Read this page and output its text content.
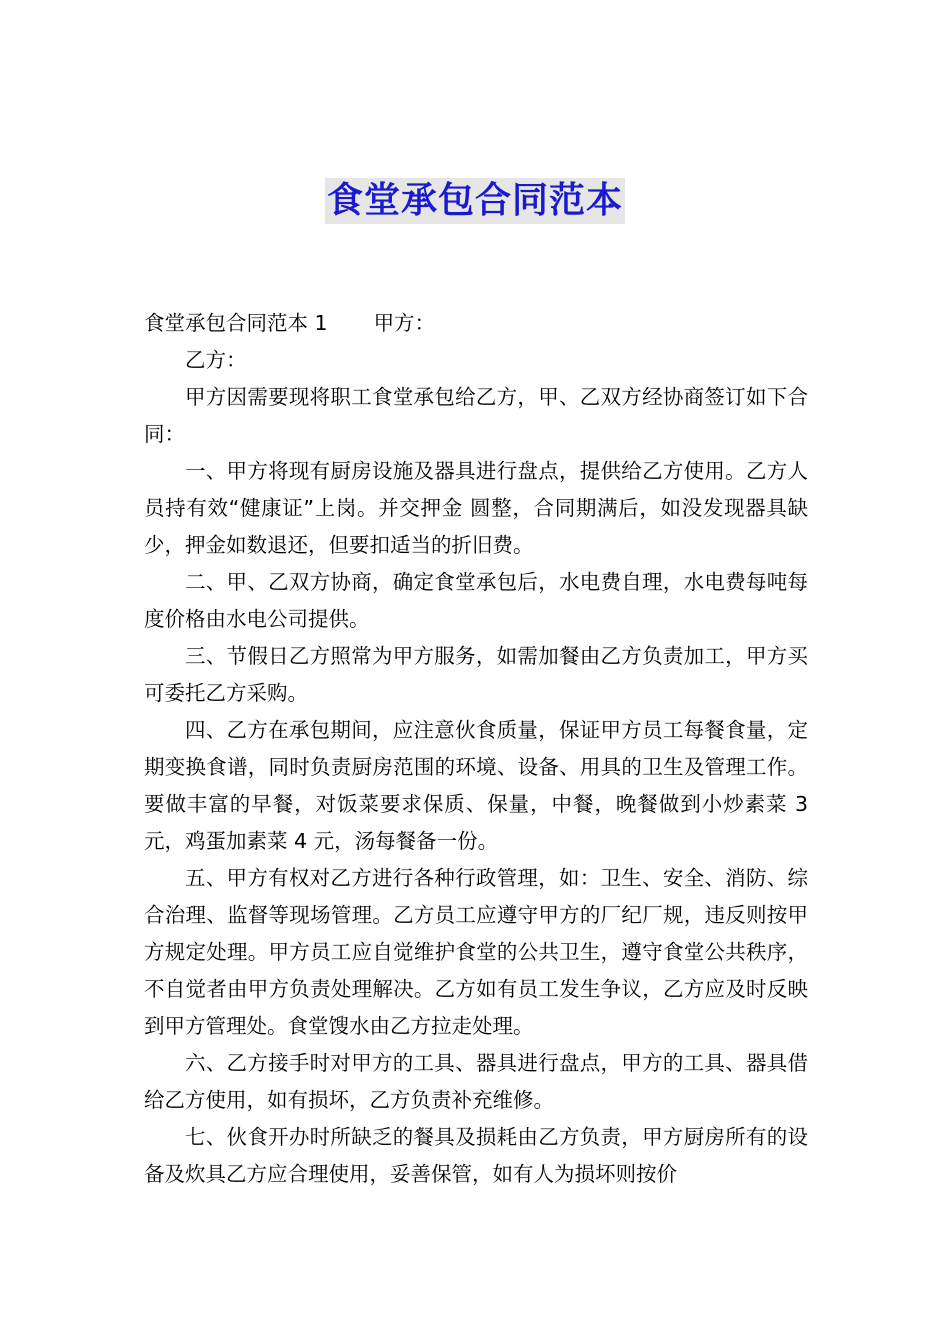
食堂承包合同范本

食堂承包合同范本 1 甲方：

乙方：

甲方因需要现将职工食堂承包给乙方，甲、乙双方经协商签订如下合同：

一、甲方将现有厨房设施及器具进行盘点，提供给乙方使用。乙方人员持有效“健康证”上岗。并交押金 圆整，合同期满后，如没发现器具缺少，押金如数退还，但要扣适当的折旧费。

二、甲、乙双方协商，确定食堂承包后，水电费自理，水电费每吨每度价格由水电公司提供。

三、节假日乙方照常为甲方服务，如需加餐由乙方负责加工，甲方买可委托乙方采购。

四、乙方在承包期间，应注意伙食质量，保证甲方员工每餐食量，定期变换食谱，同时负责厨房范围的环境、设备、用具的卫生及管理工作。要做丰富的早餐，对饭菜要求保质、保量，中餐，晚餐做到小炒素菜 3 元，鸡蛋加素菜 4 元，汤每餐备一份。

五、甲方有权对乙方进行各种行政管理，如：卫生、安全、消防、综合治理、监督等现场管理。乙方员工应遵守甲方的厂纪厂规，违反则按甲方规定处理。甲方员工应自觉维护食堂的公共卫生，遵守食堂公共秩序，不自觉者由甲方负责处理解决。乙方如有员工发生争议，乙方应及时反映到甲方管理处。食堂馊水由乙方拉走处理。

六、乙方接手时对甲方的工具、器具进行盘点，甲方的工具、器具借给乙方使用，如有损坏，乙方负责补充维修。

七、伙食开办时所缺乏的餐具及损耗由乙方负责，甲方厨房所有的设备及炊具乙方应合理使用，妥善保管，如有人为损坏则按价
